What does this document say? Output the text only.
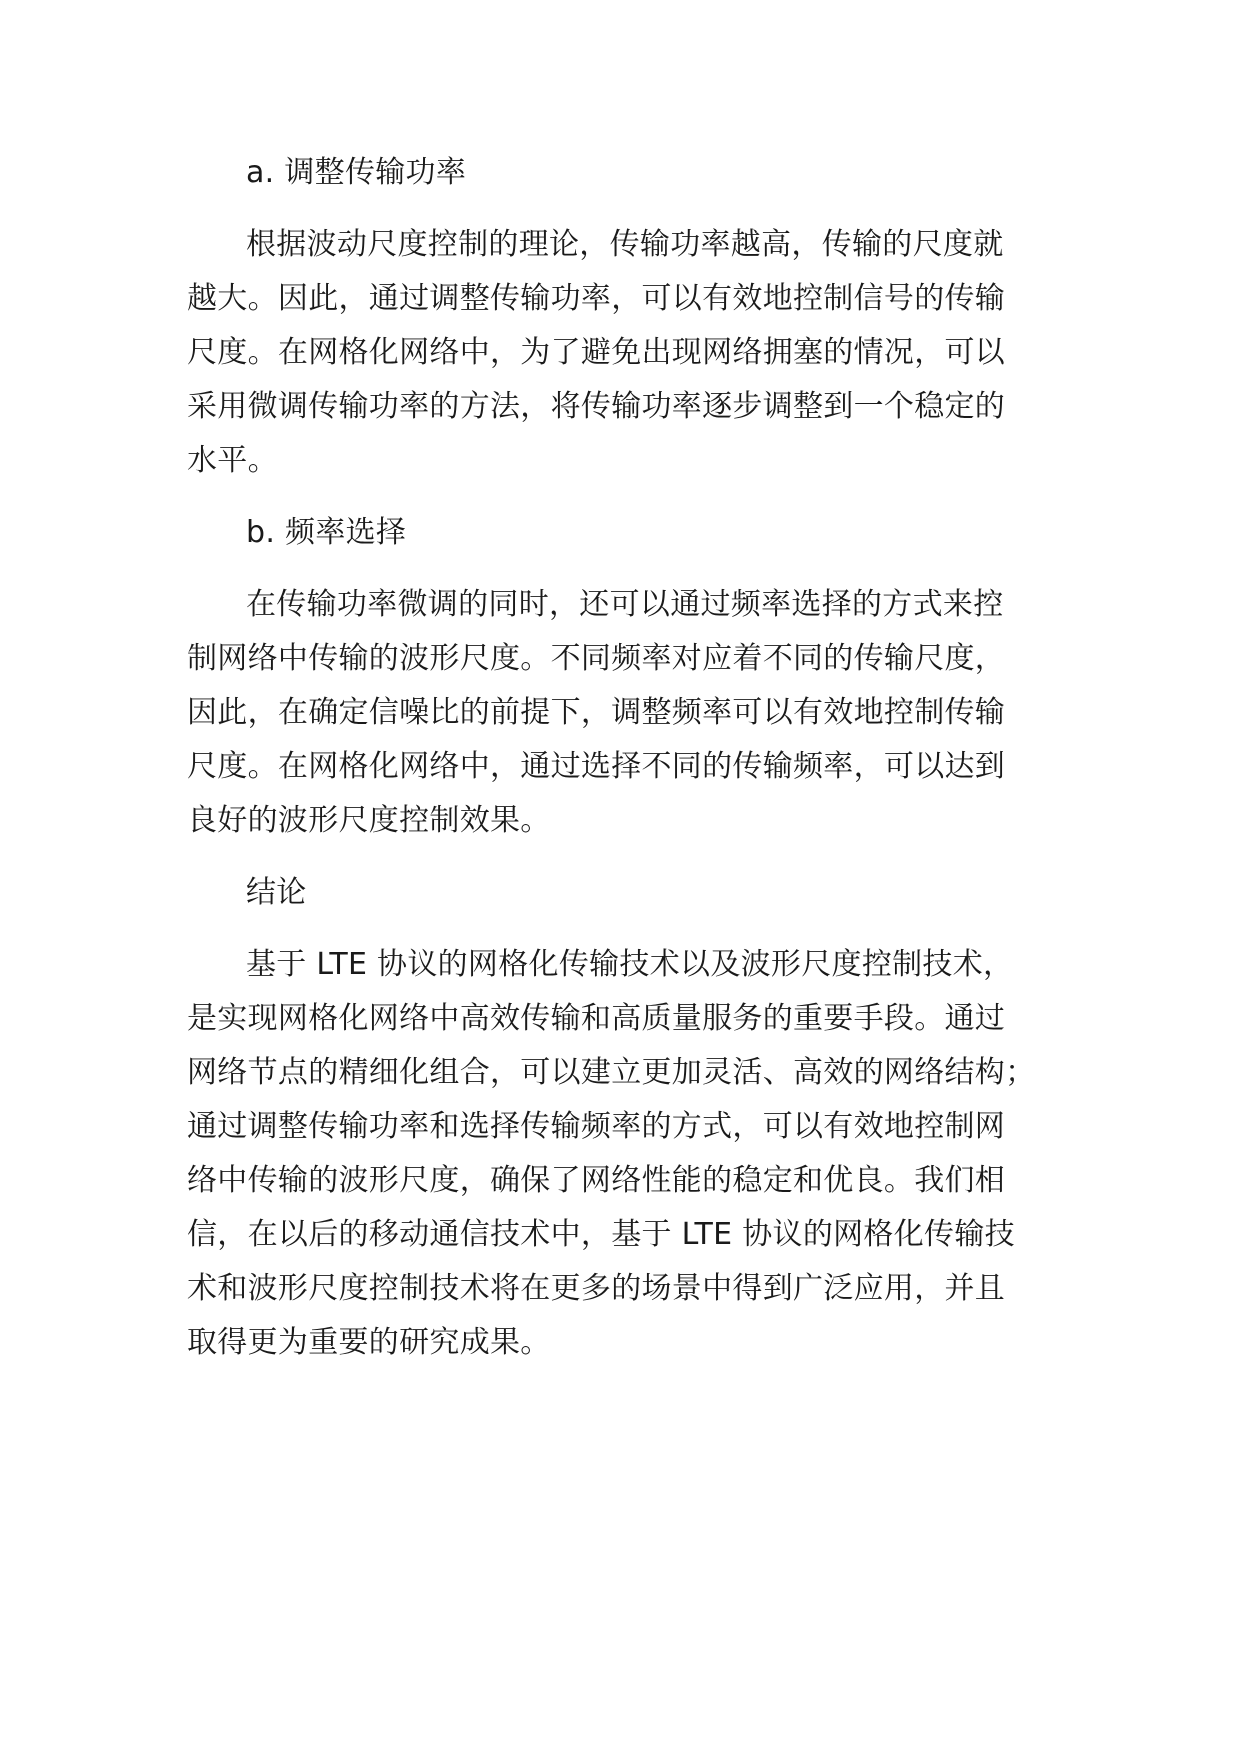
a. 调整传输功率
根据波动尺度控制的理论，传输功率越高，传输的尺度就
越大。因此，通过调整传输功率，可以有效地控制信号的传输
尺度。在网格化网络中，为了避免出现网络拥塞的情况，可以
采用微调传输功率的方法，将传输功率逐步调整到一个稳定的
水平。
b. 频率选择
在传输功率微调的同时，还可以通过频率选择的方式来控
制网络中传输的波形尺度。不同频率对应着不同的传输尺度，
因此，在确定信噪比的前提下，调整频率可以有效地控制传输
尺度。在网格化网络中，通过选择不同的传输频率，可以达到
良好的波形尺度控制效果。
结论
基于 LTE 协议的网格化传输技术以及波形尺度控制技术，
是实现网格化网络中高效传输和高质量服务的重要手段。通过
网络节点的精细化组合，可以建立更加灵活、高效的网络结构；
通过调整传输功率和选择传输频率的方式，可以有效地控制网
络中传输的波形尺度，确保了网络性能的稳定和优良。我们相
信，在以后的移动通信技术中，基于 LTE 协议的网格化传输技
术和波形尺度控制技术将在更多的场景中得到广泛应用，并且
取得更为重要的研究成果。
